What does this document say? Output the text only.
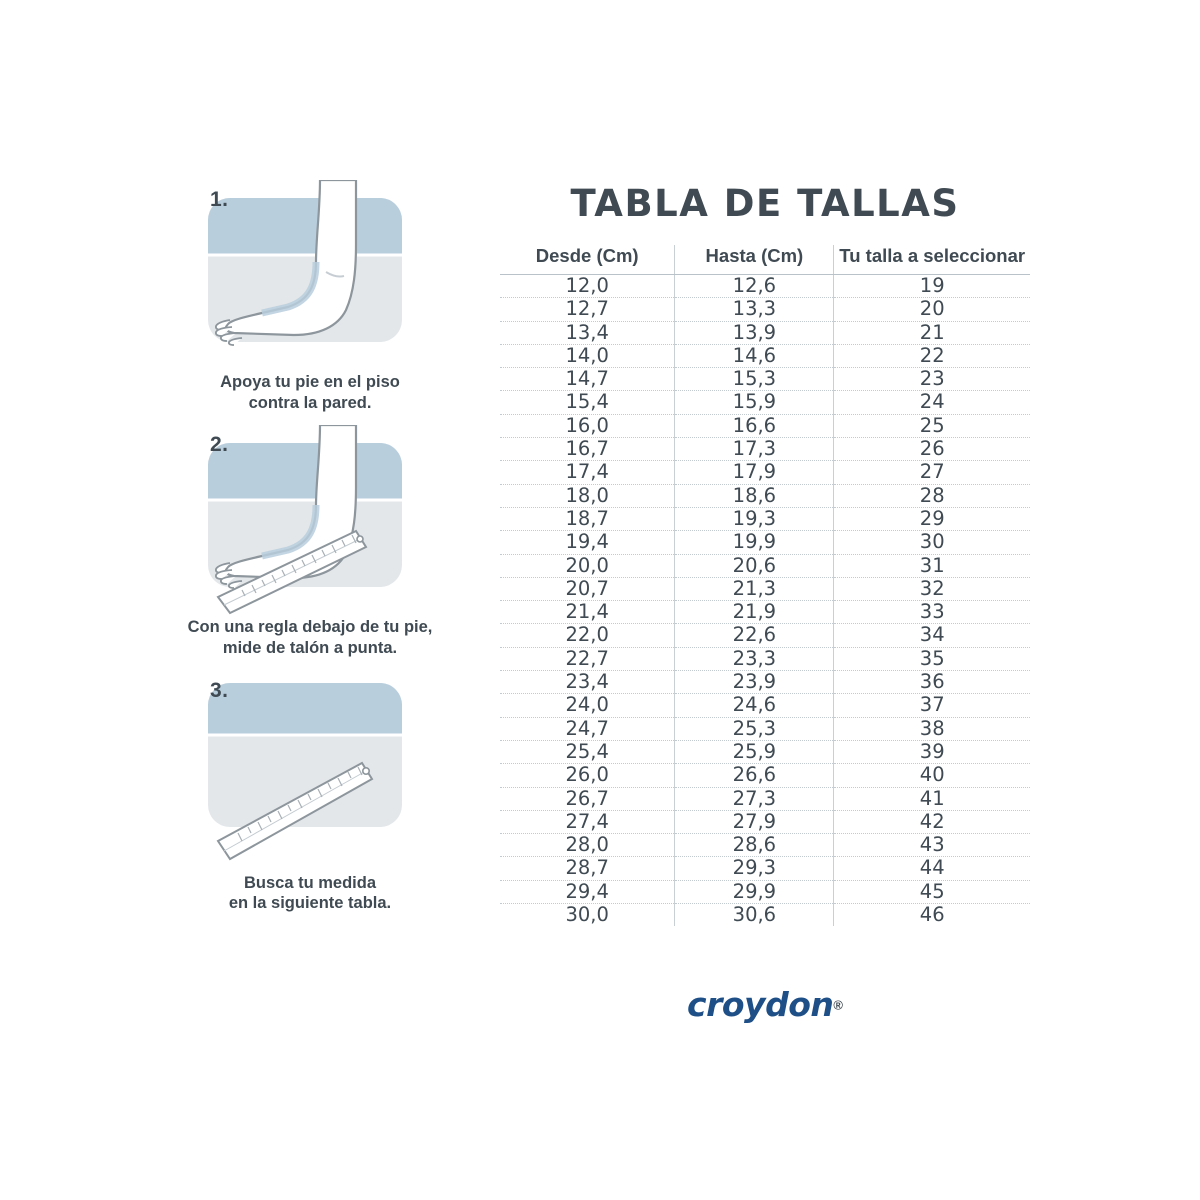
1.
Apoya tu pie en el piso
contra la pared.
2.
Con una regla debajo de tu pie,
mide de talón a punta.
3.
Busca tu medida
en la siguiente tabla.
TABLA DE TALLAS
Desde (Cm)	Hasta (Cm)	Tu talla a seleccionar
12,0	12,6	19
12,7	13,3	20
13,4	13,9	21
14,0	14,6	22
14,7	15,3	23
15,4	15,9	24
16,0	16,6	25
16,7	17,3	26
17,4	17,9	27
18,0	18,6	28
18,7	19,3	29
19,4	19,9	30
20,0	20,6	31
20,7	21,3	32
21,4	21,9	33
22,0	22,6	34
22,7	23,3	35
23,4	23,9	36
24,0	24,6	37
24,7	25,3	38
25,4	25,9	39
26,0	26,6	40
26,7	27,3	41
27,4	27,9	42
28,0	28,6	43
28,7	29,3	44
29,4	29,9	45
30,0	30,6	46
croydon®
